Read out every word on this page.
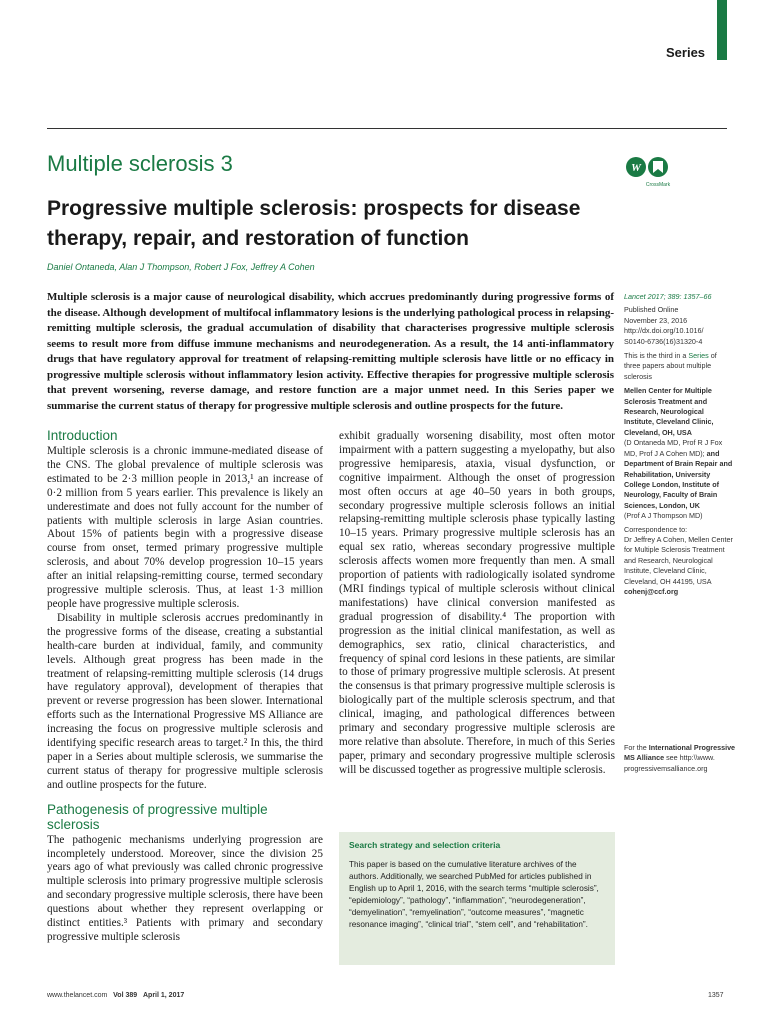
Series
Multiple sclerosis 3	W
CrossMark
Progressive multiple sclerosis: prospects for disease therapy, repair, and restoration of function
Daniel Ontaneda, Alan J Thompson, Robert J Fox, Jeffrey A Cohen
Multiple sclerosis is a major cause of neurological disability, which accrues predominantly during progressive forms of the disease. Although development of multifocal inflammatory lesions is the underlying pathological process in relapsing-remitting multiple sclerosis, the gradual accumulation of disability that characterises progressive multiple sclerosis seems to result more from diffuse immune mechanisms and neurodegeneration. As a result, the 14 anti-inflammatory drugs that have regulatory approval for treatment of relapsing-remitting multiple sclerosis have little or no efficacy in progressive multiple sclerosis without inflammatory lesion activity. Effective therapies for progressive multiple sclerosis that prevent worsening, reverse damage, and restore function are a major unmet need. In this Series paper we summarise the current status of therapy for progressive multiple sclerosis and outline prospects for the future.
Lancet 2017; 389: 1357–66
Published Online
November 23, 2016
http://dx.doi.org/10.1016/
S0140-6736(16)31320-4
This is the third in a Series of three papers about multiple sclerosis
Mellen Center for Multiple Sclerosis Treatment and Research, Neurological Institute, Cleveland Clinic, Cleveland, OH, USA
(D Ontaneda MD, Prof R J Fox MD, Prof J A Cohen MD); and
Department of Brain Repair and Rehabilitation, University College London, Institute of Neurology, Faculty of Brain Sciences, London, UK
(Prof A J Thompson MD)
Correspondence to:
Dr Jeffrey A Cohen, Mellen Center for Multiple Sclerosis Treatment and Research, Neurological Institute, Cleveland Clinic, Cleveland, OH 44195, USA
cohenj@ccf.org
For the International Progressive MS Alliance see http:\\www. progressivemsalliance.org
Introduction

Multiple sclerosis is a chronic immune-mediated disease of the CNS. The global prevalence of multiple sclerosis was estimated to be 2·3 million people in 2013,¹ an increase of 0·2 million from 5 years earlier. This prevalence is likely an underestimate and does not fully account for the number of patients with multiple sclerosis in large Asian countries. About 15% of patients begin with a progressive disease course from onset, termed primary progressive multiple sclerosis, and about 70% develop progression 10–15 years after an initial relapsing-remitting course, termed secondary progressive multiple sclerosis. Thus, at least 1·3 million people have progressive multiple sclerosis.

Disability in multiple sclerosis accrues predominantly in the progressive forms of the disease, creating a substantial health-care burden at individual, family, and community levels. Although great progress has been made in the treatment of relapsing-remitting multiple sclerosis (14 drugs have regulatory approval), development of therapies that prevent or reverse progression has been slower. International efforts such as the International Progressive MS Alliance are increasing the focus on progressive multiple sclerosis and identifying specific research areas to target.² In this, the third paper in a Series about multiple sclerosis, we summarise the current status of therapy for progressive multiple sclerosis and outline prospects for the future.

Pathogenesis of progressive multiple sclerosis

The pathogenic mechanisms underlying progression are incompletely understood. Moreover, since the division 25 years ago of what previously was called chronic progressive multiple sclerosis into primary progressive multiple sclerosis and secondary progressive multiple sclerosis, there have been questions about whether they represent overlapping or distinct entities.³ Patients with primary and secondary progressive multiple sclerosis

exhibit gradually worsening disability, most often motor impairment with a pattern suggesting a myelopathy, but also progressive hemiparesis, ataxia, visual dysfunction, or cognitive impairment. Although the onset of progression most often occurs at age 40–50 years in both groups, secondary progressive multiple sclerosis follows an initial relapsing-remitting multiple sclerosis phase typically lasting 10–15 years. Primary progressive multiple sclerosis has an equal sex ratio, whereas secondary progressive multiple sclerosis affects women more frequently than men. A small proportion of patients with radiologically isolated syndrome (MRI findings typical of multiple sclerosis without clinical manifestations) have clinical conversion manifested as gradual progression of disability.⁴ The proportion with progression as the initial clinical manifestation, as well as demographics, sex ratio, clinical characteristics, and frequency of spinal cord lesions in these patients, are similar to those of primary progressive multiple sclerosis. At present the consensus is that primary progressive multiple sclerosis is biologically part of the multiple sclerosis spectrum, and that clinical, imaging, and pathological differences between primary and secondary progressive multiple sclerosis are more relative than absolute. Therefore, in much of this Series paper, primary and secondary progressive multiple sclerosis will be discussed together as progressive multiple sclerosis.

Search strategy and selection criteria
This paper is based on the cumulative literature archives of the authors. Additionally, we searched PubMed for articles published in English up to April 1, 2016, with the search terms “multiple sclerosis”, “epidemiology”, “pathology”, “inflammation”, “neurodegeneration”, “demyelination”, “remyelination”, “outcome measures”, “magnetic resonance imaging”, “clinical trial”, “stem cell”, and “rehabilitation”.
www.thelancet.com Vol 389 April 1, 2017	1357
